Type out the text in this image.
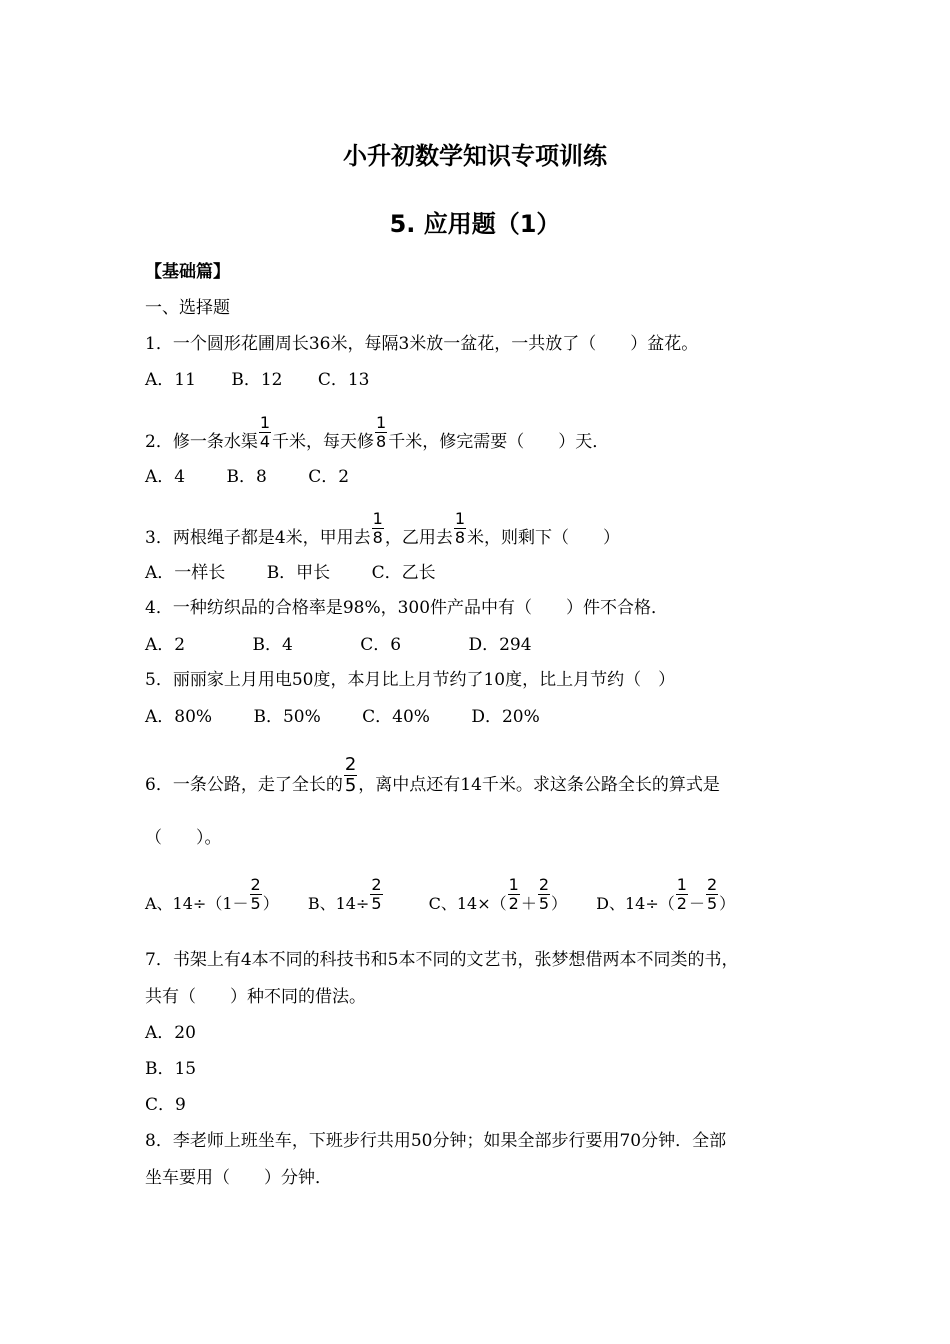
小升初数学知识专项训练
5. 应用题（1）
【基础篇】
一、选择题
1．一个圆形花圃周长36米，每隔3米放一盆花，一共放了（　　）盆花。
A．11 B．12 C．13
2．修一条水渠 $\frac{1}{4}$ 千米，每天修 $\frac{1}{8}$ 千米，修完需要（　　）天．
A．4 B．8 C．2
3．两根绳子都是4米，甲用去 $\frac{1}{8}$ ，乙用去 $\frac{1}{8}$ 米，则剩下（　　）
A．一样长 B．甲长 C．乙长
4．一种纺织品的合格率是98%，300件产品中有（　　）件不合格．
A．2	B．4	C．6	D．294
5．丽丽家上月用电50度，本月比上月节约了10度，比上月节约（　）
A．80% B．50% C．40% D．20%
6．一条公路，走了全长的 $\frac{2}{5}$ ，离中点还有14千米。求这条公路全长的算式是
（　　）。
A、$14\div(1- \frac{2}{5}$ ） B、$14\div \frac{2}{5}$	C、$14\times( \frac{1}{2} + \frac{2}{5}$ ） D、$14\div( \frac{1}{2} - \frac{2}{5}$ ）
7．书架上有4本不同的科技书和5本不同的文艺书，张梦想借两本不同类的书，
共有（　　）种不同的借法。
A．20
B．15
C．9
8．李老师上班坐车，下班步行共用50分钟；如果全部步行要用70分钟．全部
坐车要用（　　）分钟．
